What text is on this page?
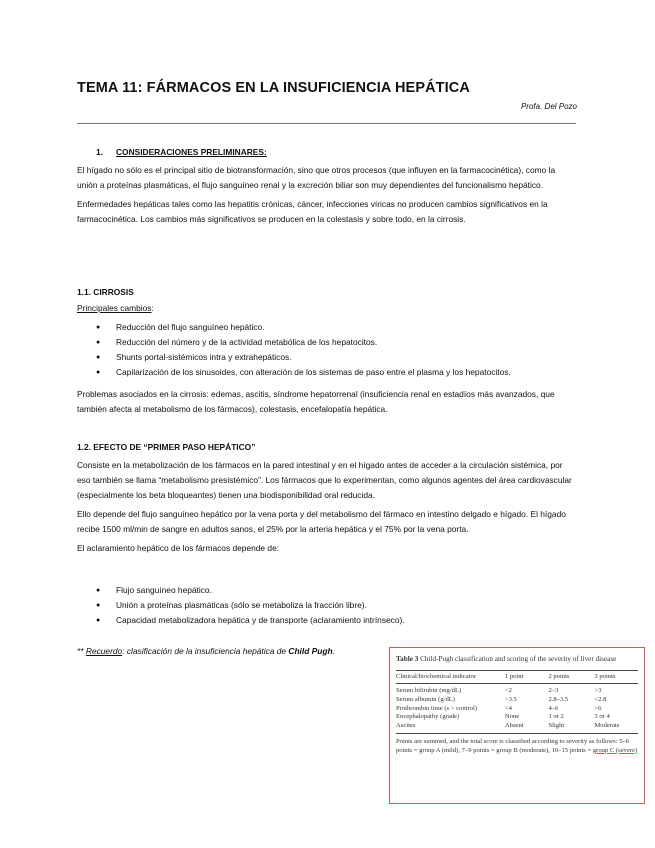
TEMA 11: FÁRMACOS EN LA INSUFICIENCIA HEPÁTICA
Profa. Del Pozo
1. CONSIDERACIONES PRELIMINARES:

El hígado no sólo es el principal sitio de biotransformación, sino que otros procesos (que influyen en la farmacocinética), como la unión a proteínas plasmáticas, el flujo sanguíneo renal y la excreción biliar son muy dependientes del funcionalismo hepático.

Enfermedades hepáticas tales como las hepatitis crónicas, cáncer, infecciones víricas no producen cambios significativos en la farmacocinética. Los cambios más significativos se producen en la colestasis y sobre todo, en la cirrosis.

1.1. CIRROSIS
Principales cambios:
● Reducción del flujo sanguíneo hepático.
● Reducción del número y de la actividad metabólica de los hepatocitos.
● Shunts portal-sistémicos intra y extrahepáticos.
● Capilarización de los sinusoides, con alteración de los sistemas de paso entre el plasma y los hepatocitos.

Problemas asociados en la cirrosis: edemas, ascitis, síndrome hepatorrenal (insuficiencia renal en estadíos más avanzados, que también afecta al metabolismo de los fármacos), colestasis, encefalopatía hepática.

1.2. EFECTO DE “PRIMER PASO HEPÁTICO”

Consiste en la metabolización de los fármacos en la pared intestinal y en el hígado antes de acceder a la circulación sistémica, por eso también se llama “metabolismo presistémico”. Los fármacos que lo experimentan, como algunos agentes del área cardiovascular (especialmente los beta bloqueantes) tienen una biodisponibilidad oral reducida.

Ello depende del flujo sanguíneo hepático por la vena porta y del metabolismo del fármaco en intestino delgado e hígado. El hígado recibe 1500 ml/min de sangre en adultos sanos, el 25% por la arteria hepática y el 75% por la vena porta.

El aclaramiento hepático de los fármacos depende de:

● Flujo sanguíneo hepático.
● Unión a proteínas plasmáticas (sólo se metaboliza la fracción libre).
● Capacidad metabolizadora hepática y de transporte (aclaramiento intrínseco).
** Recuerdo: clasificación de la insuficiencia hepática de Child Pugh.
Table 3 Child-Pugh classification and scoring of the severity of liver disease
Clinical/biochemical indicator	1 point	2 points	3 points
Serum bilirubin (mg/dL)	<2	2–3	>3
Serum albumin (g/dL)	>3.5	2.8–3.5	<2.8
Prothrombin time (s > control)	<4	4–6	>6
Encephalopathy (grade)	None	1 or 2	3 or 4
Ascites	Absent	Slight	Moderate
Points are summed, and the total score is classified according to severity as follows: 5–6 points = group A (mild), 7–9 points = group B (moderate), 10–15 points = group C (severe)
